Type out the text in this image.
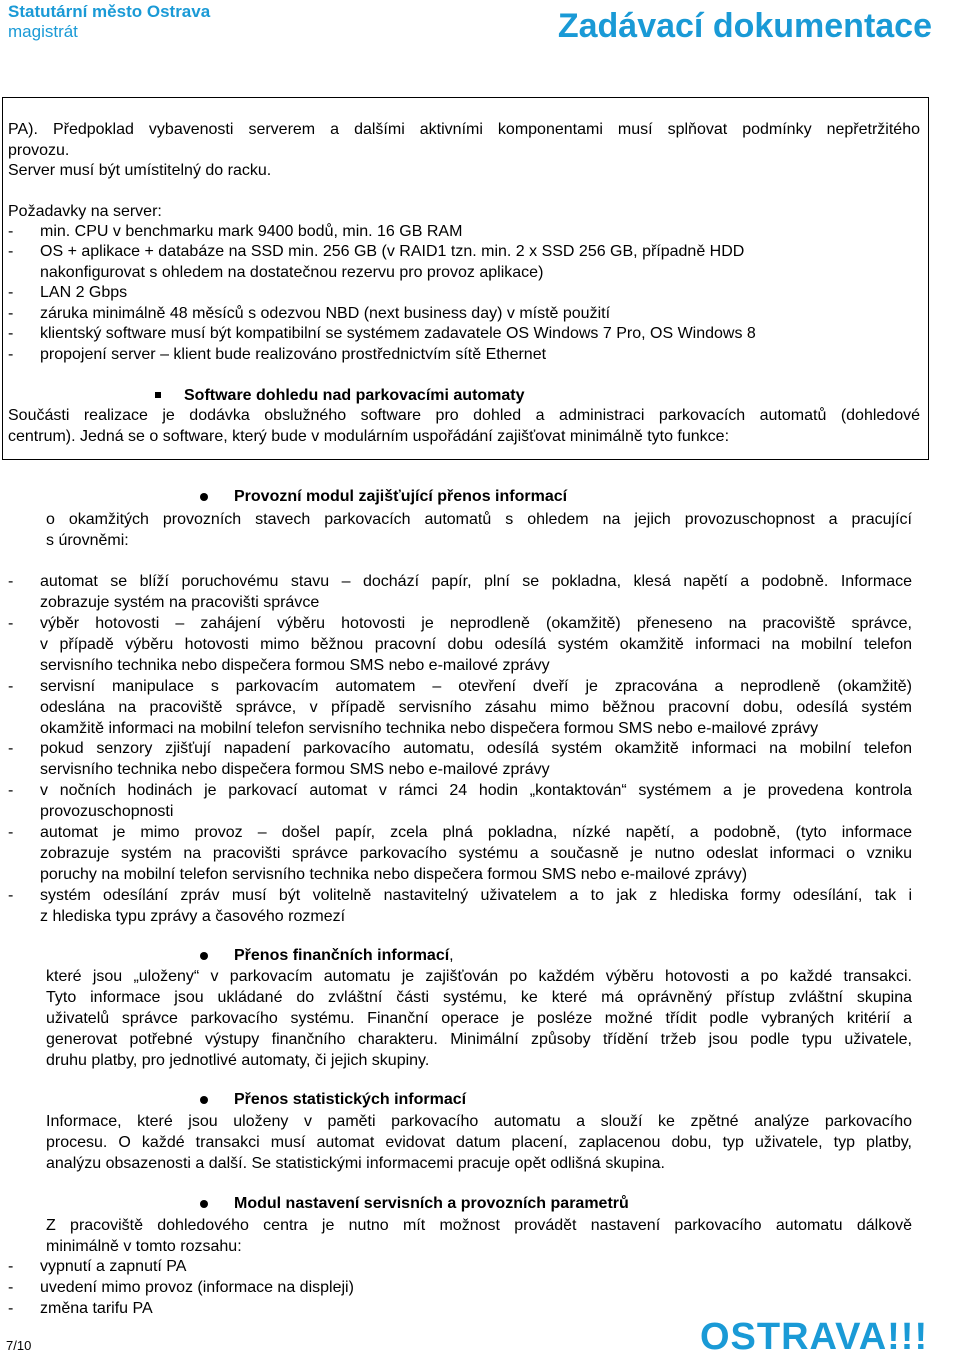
Statutární město Ostrava
magistrát	Zadávací dokumentace
PA). Předpoklad vybavenosti serverem a dalšími aktivními komponentami musí splňovat podmínky nepřetržitého
provozu.
Server musí být umístitelný do racku.
Požadavky na server:
- min. CPU v benchmarku mark 9400 bodů, min. 16 GB RAM
- OS + aplikace + databáze na SSD min. 256 GB (v RAID1 tzn. min. 2 x SSD 256 GB, případně HDD
nakonfigurovat s ohledem na dostatečnou rezervu pro provoz aplikace)
- LAN 2 Gbps
- záruka minimálně 48 měsíců s odezvou NBD (next business day) v místě použití
- klientský software musí být kompatibilní se systémem zadavatele OS Windows 7 Pro, OS Windows 8
- propojení server – klient bude realizováno prostřednictvím sítě Ethernet
Software dohledu nad parkovacími automaty
Součásti realizace je dodávka obslužného software pro dohled a administraci parkovacích automatů (dohledové
centrum). Jedná se o software, který bude v modulárním uspořádání zajišťovat minimálně tyto funkce:
Provozní modul zajišťující přenos informací
o okamžitých provozních stavech parkovacích automatů s ohledem na jejich provozuschopnost a pracující
s úrovněmi:
- automat se blíží poruchovému stavu – dochází papír, plní se pokladna, klesá napětí a podobně. Informace
zobrazuje systém na pracovišti správce
- výběr hotovosti – zahájení výběru hotovosti je neprodleně (okamžitě) přeneseno na pracoviště správce,
v případě výběru hotovosti mimo běžnou pracovní dobu odesílá systém okamžitě informaci na mobilní telefon
servisního technika nebo dispečera formou SMS nebo e-mailové zprávy
- servisní manipulace s parkovacím automatem – otevření dveří je zpracována a neprodleně (okamžitě)
odeslána na pracoviště správce, v případě servisního zásahu mimo běžnou pracovní dobu, odesílá systém
okamžitě informaci na mobilní telefon servisního technika nebo dispečera formou SMS nebo e-mailové zprávy
- pokud senzory zjišťují napadení parkovacího automatu, odesílá systém okamžitě informaci na mobilní telefon
servisního technika nebo dispečera formou SMS nebo e-mailové zprávy
- v nočních hodinách je parkovací automat v rámci 24 hodin „kontaktován“ systémem a je provedena kontrola
provozuschopnosti
- automat je mimo provoz – došel papír, zcela plná pokladna, nízké napětí, a podobně, (tyto informace
zobrazuje systém na pracovišti správce parkovacího systému a současně je nutno odeslat informaci o vzniku
poruchy na mobilní telefon servisního technika nebo dispečera formou SMS nebo e-mailové zprávy)
- systém odesílání zpráv musí být volitelně nastavitelný uživatelem a to jak z hlediska formy odesílání, tak i
z hlediska typu zprávy a časového rozmezí
Přenos finančních informací,
které jsou „uloženy“ v parkovacím automatu je zajišťován po každém výběru hotovosti a po každé transakci.
Tyto informace jsou ukládané do zvláštní části systému, ke které má oprávněný přístup zvláštní skupina
uživatelů správce parkovacího systému. Finanční operace je posléze možné třídit podle vybraných kritérií a
generovat potřebné výstupy finančního charakteru. Minimální způsoby třídění tržeb jsou podle typu uživatele,
druhu platby, pro jednotlivé automaty, či jejich skupiny.
Přenos statistických informací
Informace, které jsou uloženy v paměti parkovacího automatu a slouží ke zpětné analýze parkovacího
procesu. O každé transakci musí automat evidovat datum placení, zaplacenou dobu, typ uživatele, typ platby,
analýzu obsazenosti a další. Se statistickými informacemi pracuje opět odlišná skupina.
Modul nastavení servisních a provozních parametrů
Z pracoviště dohledového centra je nutno mít možnost provádět nastavení parkovacího automatu dálkově
minimálně v tomto rozsahu:
- vypnutí a zapnutí PA
- uvedení mimo provoz (informace na displeji)
- změna tarifu PA
7/10	OSTRAVA!!!
